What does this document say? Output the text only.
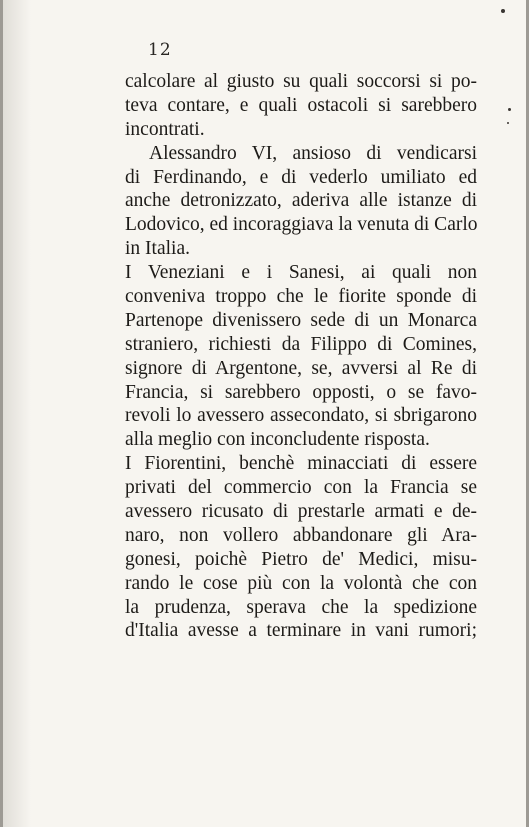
12
calcolare al giusto su quali soccorsi si po-
teva contare, e quali ostacoli si sarebbero
incontrati.
Alessandro VI, ansioso di vendicarsi
di Ferdinando, e di vederlo umiliato ed
anche detronizzato, aderiva alle istanze di
Lodovico, ed incoraggiava la venuta di Carlo
in Italia.
I Veneziani e i Sanesi, ai quali non
conveniva troppo che le fiorite sponde di
Partenope divenissero sede di un Monarca
straniero, richiesti da Filippo di Comines,
signore di Argentone, se, avversi al Re di
Francia, si sarebbero opposti, o se favo-
revoli lo avessero assecondato, si sbrigarono
alla meglio con inconcludente risposta.
I Fiorentini, benchè minacciati di essere
privati del commercio con la Francia se
avessero ricusato di prestarle armati e de-
naro, non vollero abbandonare gli Ara-
gonesi, poichè Pietro de' Medici, misu-
rando le cose più con la volontà che con
la prudenza, sperava che la spedizione
d'Italia avesse a terminare in vani rumori;
